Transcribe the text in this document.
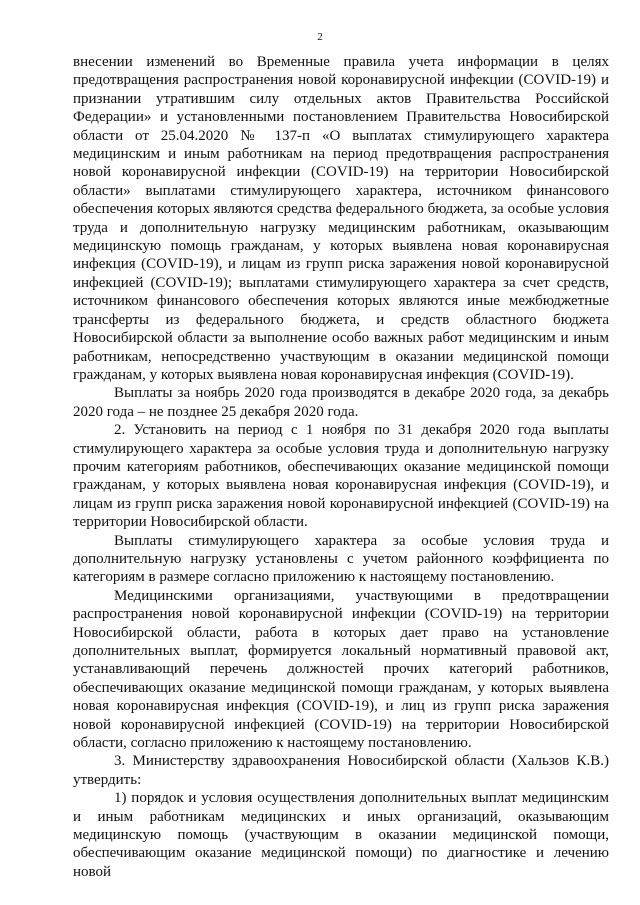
2

внесении изменений во Временные правила учета информации в целях предотвращения распространения новой коронавирусной инфекции (COVID-19) и признании утратившим силу отдельных актов Правительства Российской Федерации» и установленными постановлением Правительства Новосибирской области от 25.04.2020 № 137-п «О выплатах стимулирующего характера медицинским и иным работникам на период предотвращения распространения новой коронавирусной инфекции (COVID-19) на территории Новосибирской области» выплатами стимулирующего характера, источником финансового обеспечения которых являются средства федерального бюджета, за особые условия труда и дополнительную нагрузку медицинским работникам, оказывающим медицинскую помощь гражданам, у которых выявлена новая коронавирусная инфекция (COVID-19), и лицам из групп риска заражения новой коронавирусной инфекцией (COVID-19); выплатами стимулирующего характера за счет средств, источником финансового обеспечения которых являются иные межбюджетные трансферты из федерального бюджета, и средств областного бюджета Новосибирской области за выполнение особо важных работ медицинским и иным работникам, непосредственно участвующим в оказании медицинской помощи гражданам, у которых выявлена новая коронавирусная инфекция (COVID-19).

Выплаты за ноябрь 2020 года производятся в декабре 2020 года, за декабрь 2020 года – не позднее 25 декабря 2020 года.

2. Установить на период с 1 ноября по 31 декабря 2020 года выплаты стимулирующего характера за особые условия труда и дополнительную нагрузку прочим категориям работников, обеспечивающих оказание медицинской помощи гражданам, у которых выявлена новая коронавирусная инфекция (COVID-19), и лицам из групп риска заражения новой коронавирусной инфекцией (COVID-19) на территории Новосибирской области.

Выплаты стимулирующего характера за особые условия труда и дополнительную нагрузку установлены с учетом районного коэффициента по категориям в размере согласно приложению к настоящему постановлению.

Медицинскими организациями, участвующими в предотвращении распространения новой коронавирусной инфекции (COVID-19) на территории Новосибирской области, работа в которых дает право на установление дополнительных выплат, формируется локальный нормативный правовой акт, устанавливающий перечень должностей прочих категорий работников, обеспечивающих оказание медицинской помощи гражданам, у которых выявлена новая коронавирусная инфекция (COVID-19), и лиц из групп риска заражения новой коронавирусной инфекцией (COVID-19) на территории Новосибирской области, согласно приложению к настоящему постановлению.

3. Министерству здравоохранения Новосибирской области (Хальзов К.В.) утвердить:

1) порядок и условия осуществления дополнительных выплат медицинским и иным работникам медицинских и иных организаций, оказывающим медицинскую помощь (участвующим в оказании медицинской помощи, обеспечивающим оказание медицинской помощи) по диагностике и лечению новой
